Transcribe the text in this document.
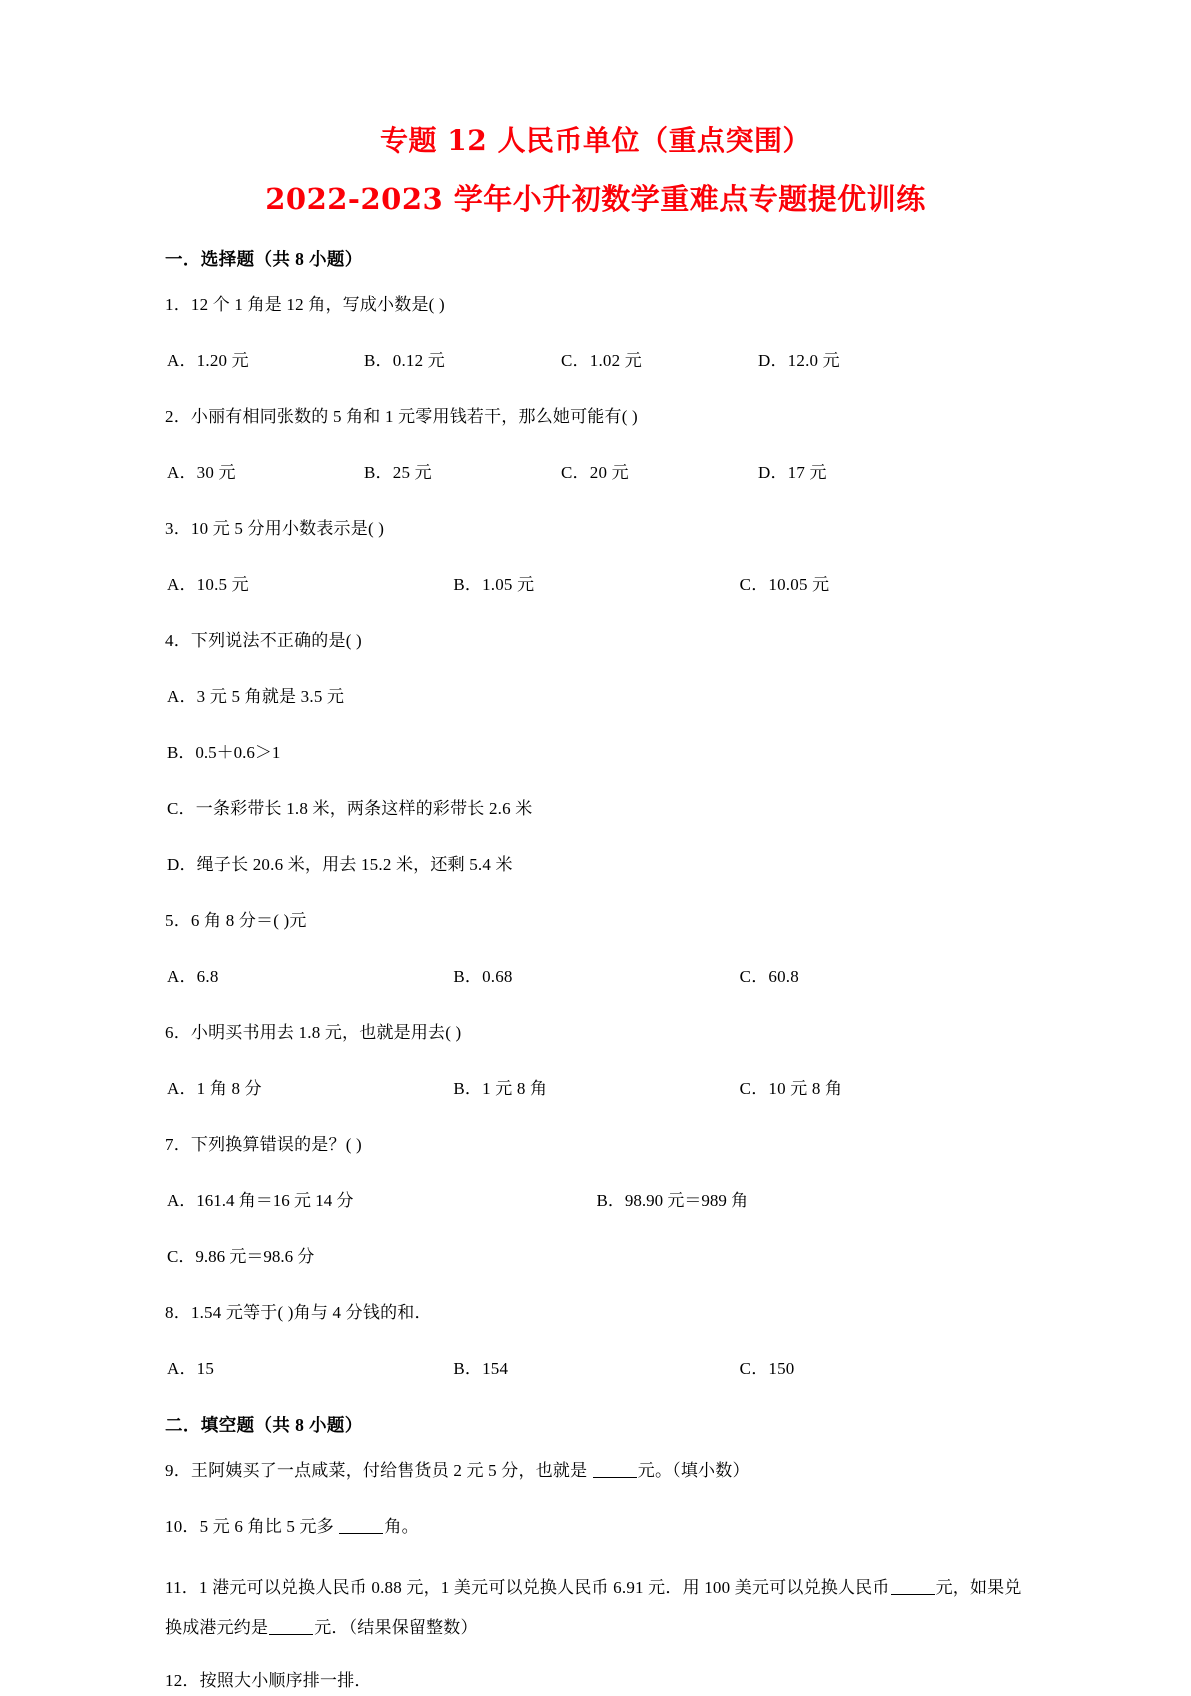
专题 12 人民币单位（重点突围）
2022-2023 学年小升初数学重难点专题提优训练
一．选择题（共 8 小题）
1．12 个 1 角是 12 角，写成小数是( )
A．1.20 元	B．0.12 元	C．1.02 元	D．12.0 元
2．小丽有相同张数的 5 角和 1 元零用钱若干，那么她可能有( )
A．30 元	B．25 元	C．20 元	D．17 元
3．10 元 5 分用小数表示是( )
A．10.5 元	B．1.05 元	C．10.05 元
4．下列说法不正确的是( )
A．3 元 5 角就是 3.5 元
B．0.5＋0.6＞1
C．一条彩带长 1.8 米，两条这样的彩带长 2.6 米
D．绳子长 20.6 米，用去 15.2 米，还剩 5.4 米
5．6 角 8 分＝( )元
A．6.8	B．0.68	C．60.8
6．小明买书用去 1.8 元，也就是用去( )
A．1 角 8 分	B．1 元 8 角	C．10 元 8 角
7．下列换算错误的是？( )
A．161.4 角＝16 元 14 分	B．98.90 元＝989 角
C．9.86 元＝98.6 分
8．1.54 元等于( )角与 4 分钱的和．
A．15	B．154	C．150
二．填空题（共 8 小题）
9．王阿姨买了一点咸菜，付给售货员 2 元 5 分，也就是	元。（填小数）
10．5 元 6 角比 5 元多	角。
11．1 港元可以兑换人民币 0.88 元，1 美元可以兑换人民币 6.91 元．用 100 美元可以兑换人民币	元，如果兑换成港元约是	元．（结果保留整数）
12．按照大小顺序排一排．
